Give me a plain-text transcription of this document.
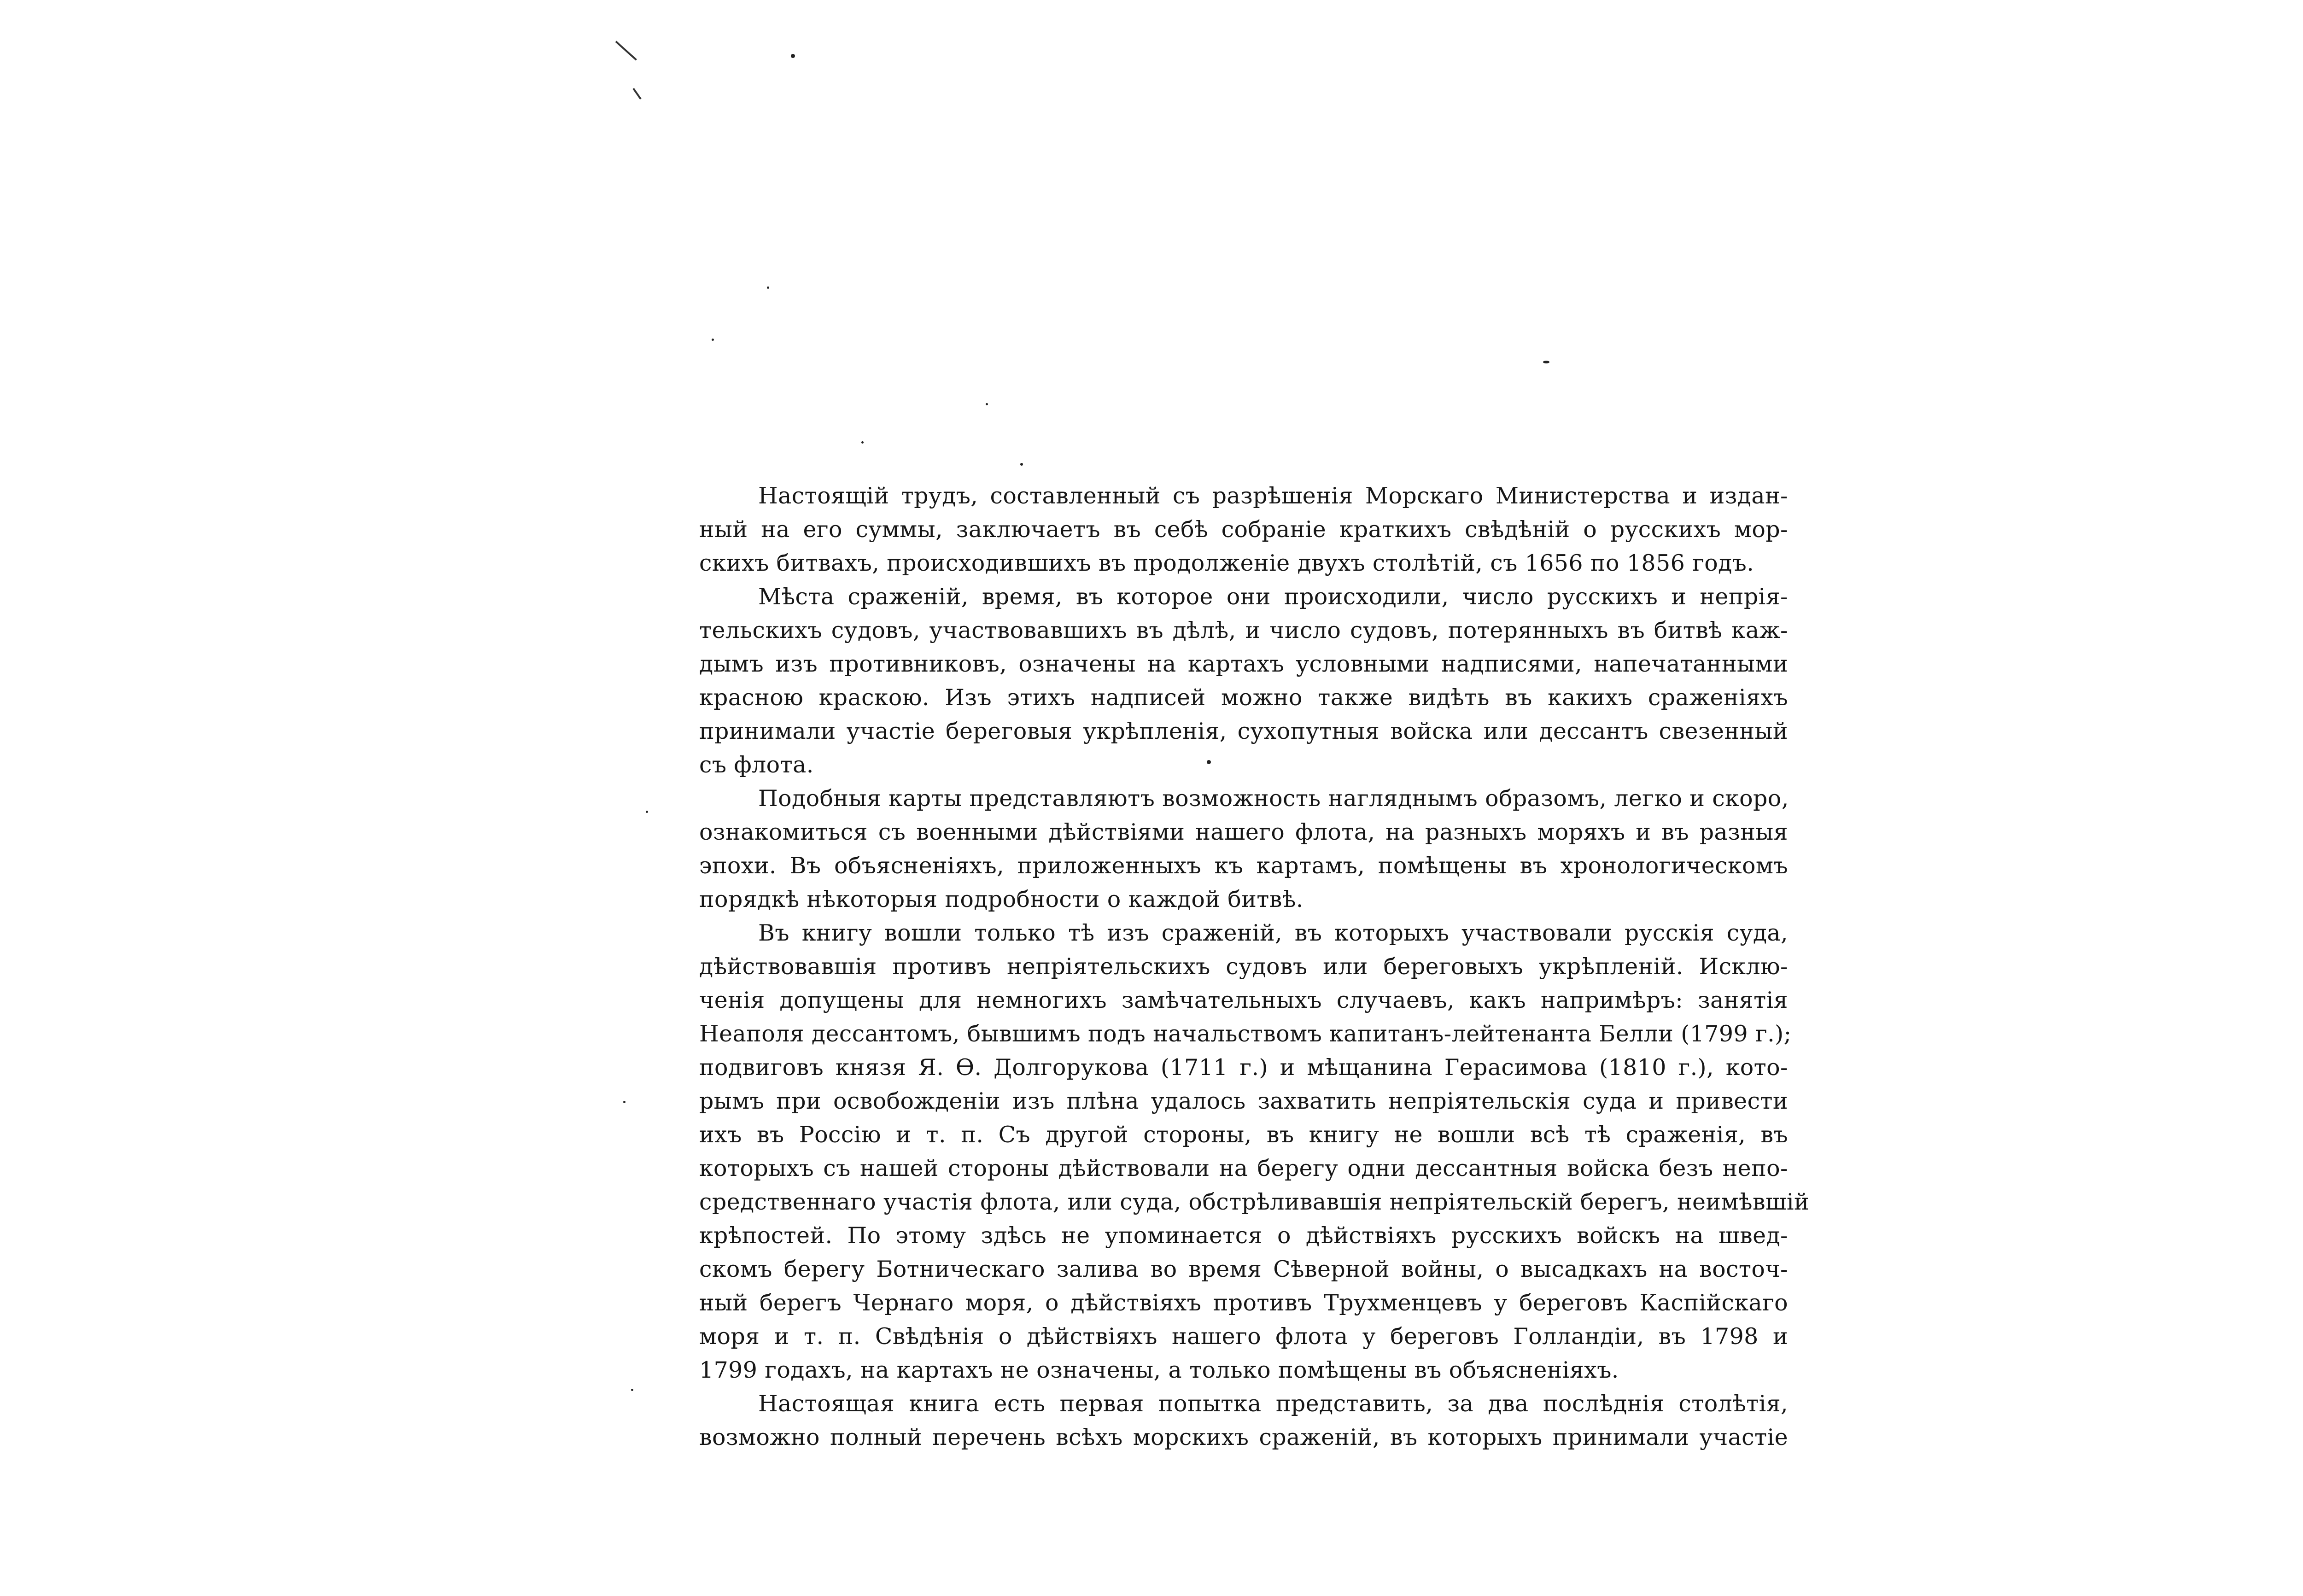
Настоящій трудъ, составленный съ разрѣшенія Морскаго Министерства и издан-
ный на его суммы, заключаетъ въ себѣ собраніе краткихъ свѣдѣній о русскихъ мор-
скихъ битвахъ, происходившихъ въ продолженіе двухъ столѣтій, съ 1656 по 1856 годъ.

Мѣста сраженій, время, въ которое они происходили, число русскихъ и непрія-
тельскихъ судовъ, участвовавшихъ въ дѣлѣ, и число судовъ, потерянныхъ въ битвѣ каж-
дымъ изъ противниковъ, означены на картахъ условными надписями, напечатанными
красною краскою. Изъ этихъ надписей можно также видѣть въ какихъ сраженіяхъ
принимали участіе береговыя укрѣпленія, сухопутныя войска или дессантъ свезенный
съ флота.

Подобныя карты представляютъ возможность нагляднымъ образомъ, легко и скоро,
ознакомиться съ военными дѣйствіями нашего флота, на разныхъ моряхъ и въ разныя
эпохи. Въ объясненіяхъ, приложенныхъ къ картамъ, помѣщены въ хронологическомъ
порядкѣ нѣкоторыя подробности о каждой битвѣ.

Въ книгу вошли только тѣ изъ сраженій, въ которыхъ участвовали русскія суда,
дѣйствовавшія противъ непріятельскихъ судовъ или береговыхъ укрѣпленій. Исклю-
ченія допущены для немногихъ замѣчательныхъ случаевъ, какъ напримѣръ: занятія
Неаполя дессантомъ, бывшимъ подъ начальствомъ капитанъ-лейтенанта Белли (1799 г.);
подвиговъ князя Я. Ѳ. Долгорукова (1711 г.) и мѣщанина Герасимова (1810 г.), кото-
рымъ при освобожденіи изъ плѣна удалось захватить непріятельскія суда и привести
ихъ въ Россію и т. п. Съ другой стороны, въ книгу не вошли всѣ тѣ сраженія, въ
которыхъ съ нашей стороны дѣйствовали на берегу одни дессантныя войска безъ непо-
средственнаго участія флота, или суда, обстрѣливавшія непріятельскій берегъ, неимѣвшій
крѣпостей. По этому здѣсь не упоминается о дѣйствіяхъ русскихъ войскъ на швед-
скомъ берегу Ботническаго залива во время Сѣверной войны, о высадкахъ на восточ-
ный берегъ Чернаго моря, о дѣйствіяхъ противъ Трухменцевъ у береговъ Каспійскаго
моря и т. п. Свѣдѣнія о дѣйствіяхъ нашего флота у береговъ Голландіи, въ 1798 и
1799 годахъ, на картахъ не означены, а только помѣщены въ объясненіяхъ.

Настоящая книга есть первая попытка представить, за два послѣднія столѣтія,
возможно полный перечень всѣхъ морскихъ сраженій, въ которыхъ принимали участіе
